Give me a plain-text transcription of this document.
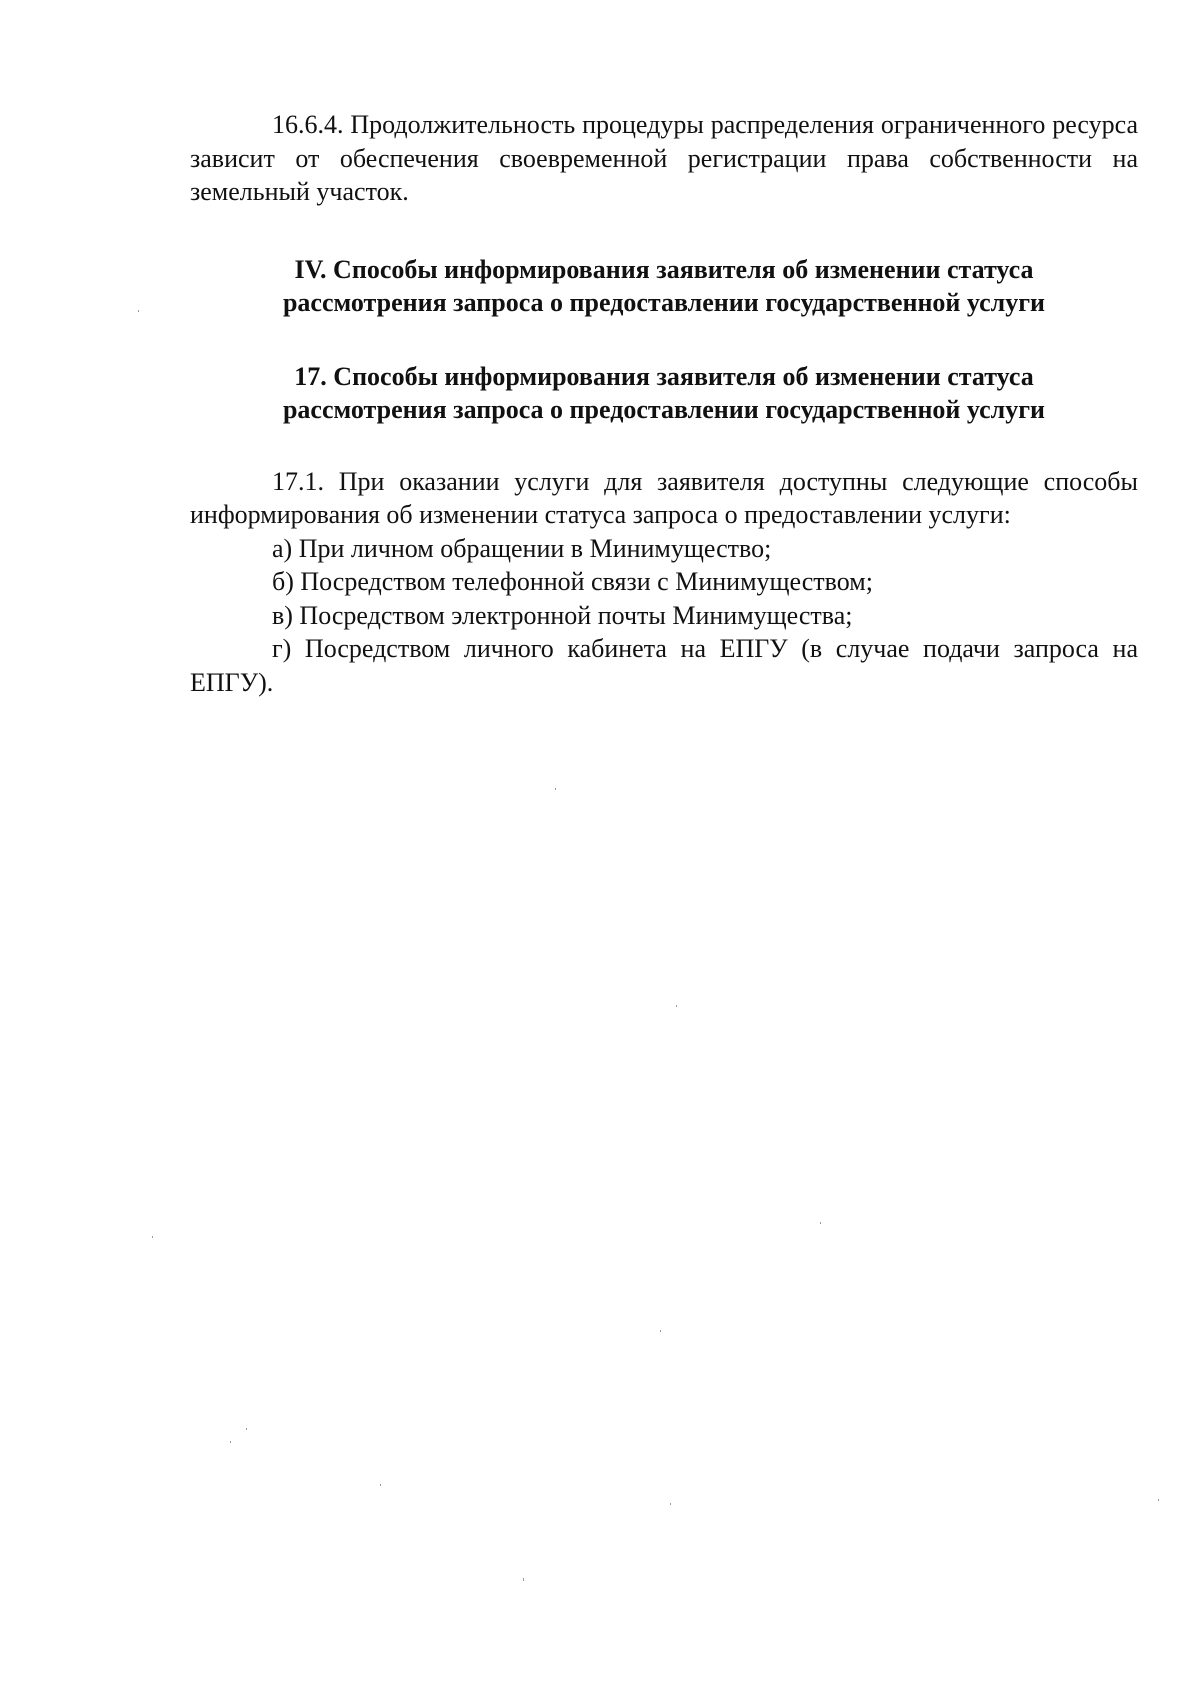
16.6.4. Продолжительность процедуры распределения ограниченного ресурса зависит от обеспечения своевременной регистрации права собственности на земельный участок.

IV. Способы информирования заявителя об изменении статуса

рассмотрения запроса о предоставлении государственной услуги

17. Способы информирования заявителя об изменении статуса

рассмотрения запроса о предоставлении государственной услуги

17.1. При оказании услуги для заявителя доступны следующие способы информирования об изменении статуса запроса о предоставлении услуги:

а) При личном обращении в Минимущество;

б) Посредством телефонной связи с Минимуществом;

в) Посредством электронной почты Минимущества;

г) Посредством личного кабинета на ЕПГУ (в случае подачи запроса на ЕПГУ).
